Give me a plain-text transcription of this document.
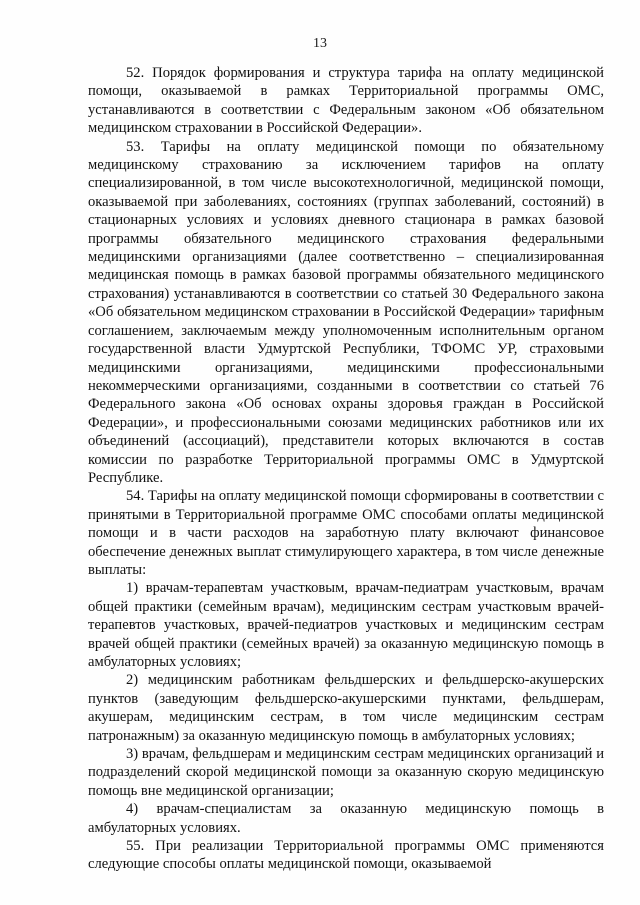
13

52. Порядок формирования и структура тарифа на оплату медицинской помощи, оказываемой в рамках Территориальной программы ОМС, устанавливаются в соответствии с Федеральным законом «Об обязательном медицинском страховании в Российской Федерации».

53. Тарифы на оплату медицинской помощи по обязательному медицинскому страхованию за исключением тарифов на оплату специализированной, в том числе высокотехнологичной, медицинской помощи, оказываемой при заболеваниях, состояниях (группах заболеваний, состояний) в стационарных условиях и условиях дневного стационара в рамках базовой программы обязательного медицинского страхования федеральными медицинскими организациями (далее соответственно – специализированная медицинская помощь в рамках базовой программы обязательного медицинского страхования) устанавливаются в соответствии со статьей 30 Федерального закона «Об обязательном медицинском страховании в Российской Федерации» тарифным соглашением, заключаемым между уполномоченным исполнительным органом государственной власти Удмуртской Республики, ТФОМС УР, страховыми медицинскими организациями, медицинскими профессиональными некоммерческими организациями, созданными в соответствии со статьей 76 Федерального закона «Об основах охраны здоровья граждан в Российской Федерации», и профессиональными союзами медицинских работников или их объединений (ассоциаций), представители которых включаются в состав комиссии по разработке Территориальной программы ОМС в Удмуртской Республике.

54. Тарифы на оплату медицинской помощи сформированы в соответствии с принятыми в Территориальной программе ОМС способами оплаты медицинской помощи и в части расходов на заработную плату включают финансовое обеспечение денежных выплат стимулирующего характера, в том числе денежные выплаты:

1) врачам-терапевтам участковым, врачам-педиатрам участковым, врачам общей практики (семейным врачам), медицинским сестрам участковым врачей-терапевтов участковых, врачей-педиатров участковых и медицинским сестрам врачей общей практики (семейных врачей) за оказанную медицинскую помощь в амбулаторных условиях;

2) медицинским работникам фельдшерских и фельдшерско-акушерских пунктов (заведующим фельдшерско-акушерскими пунктами, фельдшерам, акушерам, медицинским сестрам, в том числе медицинским сестрам патронажным) за оказанную медицинскую помощь в амбулаторных условиях;

3) врачам, фельдшерам и медицинским сестрам медицинских организаций и подразделений скорой медицинской помощи за оказанную скорую медицинскую помощь вне медицинской организации;

4) врачам-специалистам за оказанную медицинскую помощь в амбулаторных условиях.

55. При реализации Территориальной программы ОМС применяются следующие способы оплаты медицинской помощи, оказываемой
